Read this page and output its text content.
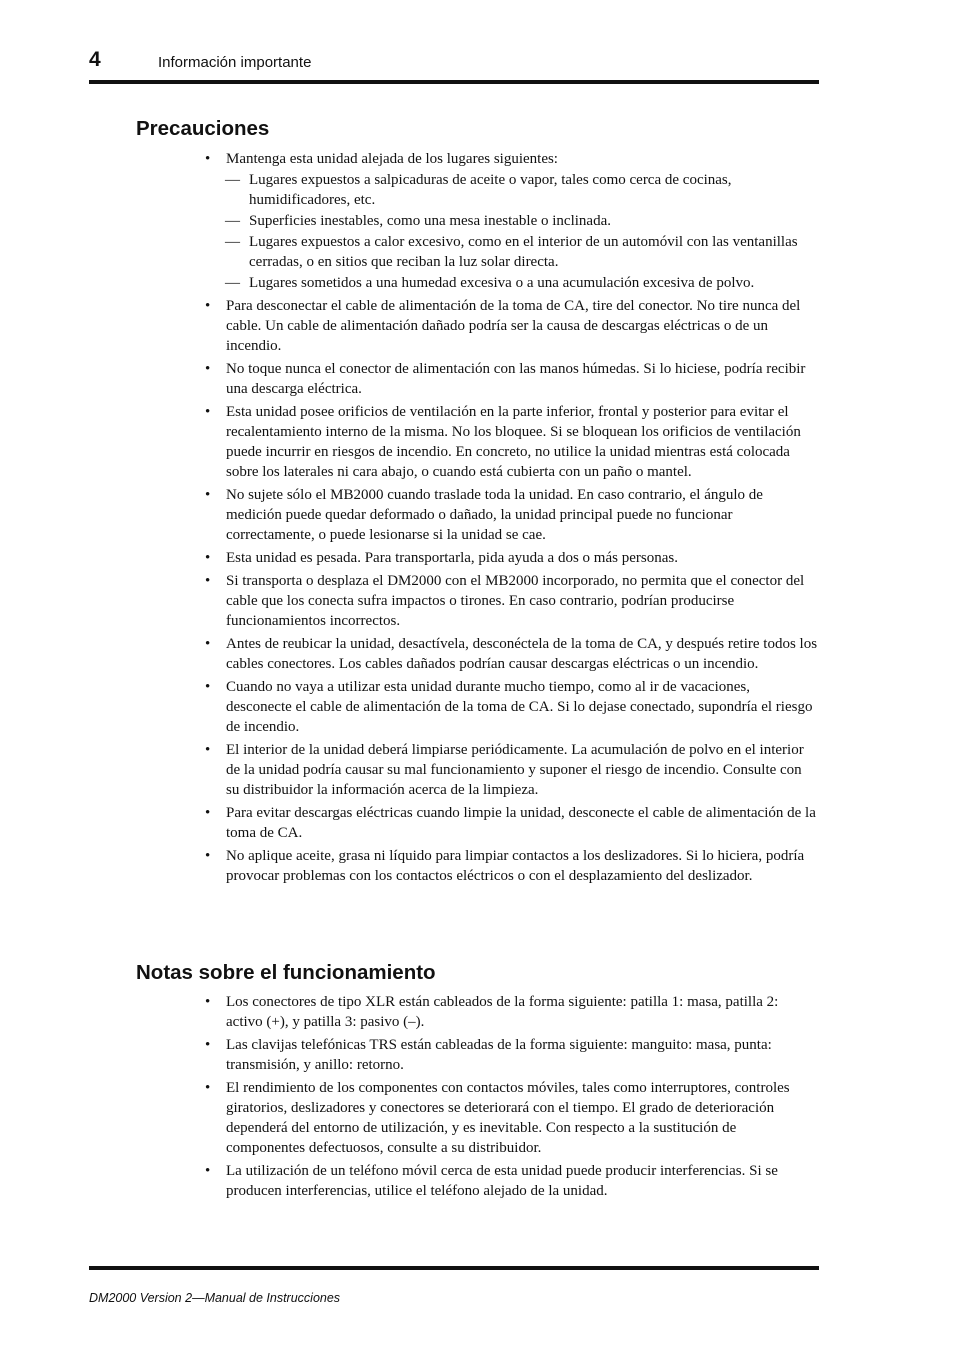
4	Información importante
Precauciones
• Mantenga esta unidad alejada de los lugares siguientes:
— Lugares expuestos a salpicaduras de aceite o vapor, tales como cerca de cocinas, humidificadores, etc.
— Superficies inestables, como una mesa inestable o inclinada.
— Lugares expuestos a calor excesivo, como en el interior de un automóvil con las ventanillas cerradas, o en sitios que reciban la luz solar directa.
— Lugares sometidos a una humedad excesiva o a una acumulación excesiva de polvo.
• Para desconectar el cable de alimentación de la toma de CA, tire del conector. No tire nunca del cable. Un cable de alimentación dañado podría ser la causa de descargas eléctricas o de un incendio.
• No toque nunca el conector de alimentación con las manos húmedas. Si lo hiciese, podría recibir una descarga eléctrica.
• Esta unidad posee orificios de ventilación en la parte inferior, frontal y posterior para evitar el recalentamiento interno de la misma. No los bloquee. Si se bloquean los orificios de ventilación puede incurrir en riesgos de incendio. En concreto, no utilice la unidad mientras está colocada sobre los laterales ni cara abajo, o cuando está cubierta con un paño o mantel.
• No sujete sólo el MB2000 cuando traslade toda la unidad. En caso contrario, el ángulo de medición puede quedar deformado o dañado, la unidad principal puede no funcionar correctamente, o puede lesionarse si la unidad se cae.
• Esta unidad es pesada. Para transportarla, pida ayuda a dos o más personas.
• Si transporta o desplaza el DM2000 con el MB2000 incorporado, no permita que el conector del cable que los conecta sufra impactos o tirones. En caso contrario, podrían producirse funcionamientos incorrectos.
• Antes de reubicar la unidad, desactívela, desconéctela de la toma de CA, y después retire todos los cables conectores. Los cables dañados podrían causar descargas eléctricas o un incendio.
• Cuando no vaya a utilizar esta unidad durante mucho tiempo, como al ir de vacaciones, desconecte el cable de alimentación de la toma de CA. Si lo dejase conectado, supondría el riesgo de incendio.
• El interior de la unidad deberá limpiarse periódicamente. La acumulación de polvo en el interior de la unidad podría causar su mal funcionamiento y suponer el riesgo de incendio. Consulte con su distribuidor la información acerca de la limpieza.
• Para evitar descargas eléctricas cuando limpie la unidad, desconecte el cable de alimentación de la toma de CA.
• No aplique aceite, grasa ni líquido para limpiar contactos a los deslizadores. Si lo hiciera, podría provocar problemas con los contactos eléctricos o con el desplazamiento del deslizador.
Notas sobre el funcionamiento
• Los conectores de tipo XLR están cableados de la forma siguiente: patilla 1: masa, patilla 2: activo (+), y patilla 3: pasivo (–).
• Las clavijas telefónicas TRS están cableadas de la forma siguiente: manguito: masa, punta: transmisión, y anillo: retorno.
• El rendimiento de los componentes con contactos móviles, tales como interruptores, controles giratorios, deslizadores y conectores se deteriorará con el tiempo. El grado de deterioración dependerá del entorno de utilización, y es inevitable. Con respecto a la sustitución de componentes defectuosos, consulte a su distribuidor.
• La utilización de un teléfono móvil cerca de esta unidad puede producir interferencias. Si se producen interferencias, utilice el teléfono alejado de la unidad.
DM2000 Version 2—Manual de Instrucciones
